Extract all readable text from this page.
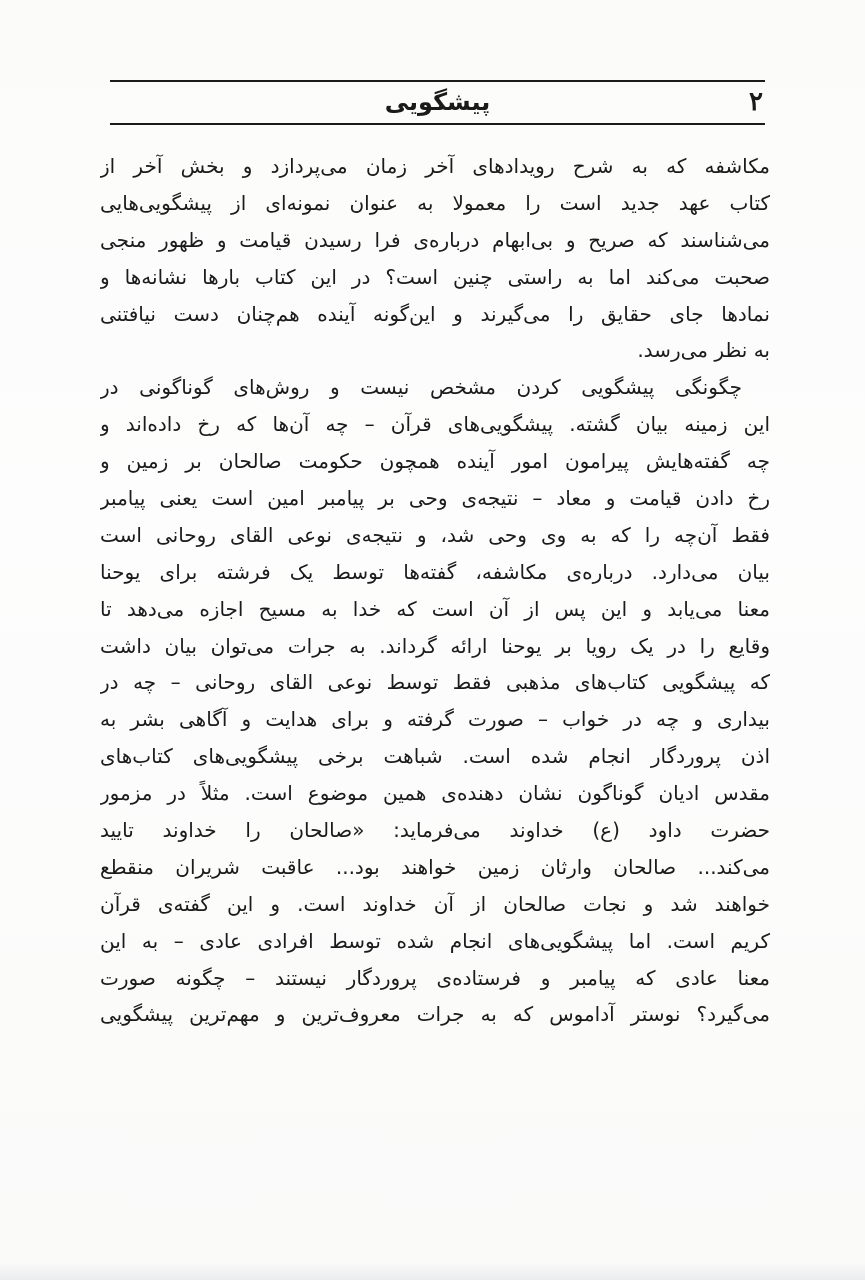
۲
پیشگویی
مکاشفه که به شرح رویدادهای آخر زمان می‌پردازد و بخش آخر از
کتاب عهد جدید است را معمولا به عنوان نمونه‌ای از پیشگویی‌هایی
می‌شناسند که صریح و بی‌ابهام درباره‌ی فرا رسیدن قیامت و ظهور منجی
صحبت می‌کند اما به راستی چنین است؟ در این کتاب بارها نشانه‌ها و
نمادها جای حقایق را می‌گیرند و این‌گونه آینده هم‌چنان دست نیافتنی
به نظر می‌رسد.
چگونگی پیشگویی کردن مشخص نیست و روش‌های گوناگونی در
این زمینه بیان گشته. پیشگویی‌های قرآن – چه آن‌ها که رخ داده‌اند و
چه گفته‌هایش پیرامون امور آینده همچون حکومت صالحان بر زمین و
رخ دادن قیامت و معاد – نتیجه‌ی وحی بر پیامبر امین است یعنی پیامبر
فقط آن‌چه را که به وی وحی شد، و نتیجه‌ی نوعی القای روحانی است
بیان می‌دارد. درباره‌ی مکاشفه، گفته‌ها توسط یک فرشته برای یوحنا
معنا می‌یابد و این پس از آن است که خدا به مسیح اجازه می‌دهد تا
وقایع را در یک رویا بر یوحنا ارائه گرداند. به جرات می‌توان بیان داشت
که پیشگویی کتاب‌های مذهبی فقط توسط نوعی القای روحانی – چه در
بیداری و چه در خواب – صورت گرفته و برای هدایت و آگاهی بشر به
اذن پروردگار انجام شده است. شباهت برخی پیشگویی‌های کتاب‌های
مقدس ادیان گوناگون نشان دهنده‌ی همین موضوع است. مثلاً در مزمور
حضرت داود (ع) خداوند می‌فرماید: «صالحان را خداوند تایید
می‌کند... صالحان وارثان زمین خواهند بود... عاقبت شریران منقطع
خواهند شد و نجات صالحان از آن خداوند است. و این گفته‌ی قرآن
کریم است. اما پیشگویی‌های انجام شده توسط افرادی عادی – به این
معنا عادی که پیامبر و فرستاده‌ی پروردگار نیستند – چگونه صورت
می‌گیرد؟ نوستر آداموس که به جرات معروف‌ترین و مهم‌ترین پیشگویی
